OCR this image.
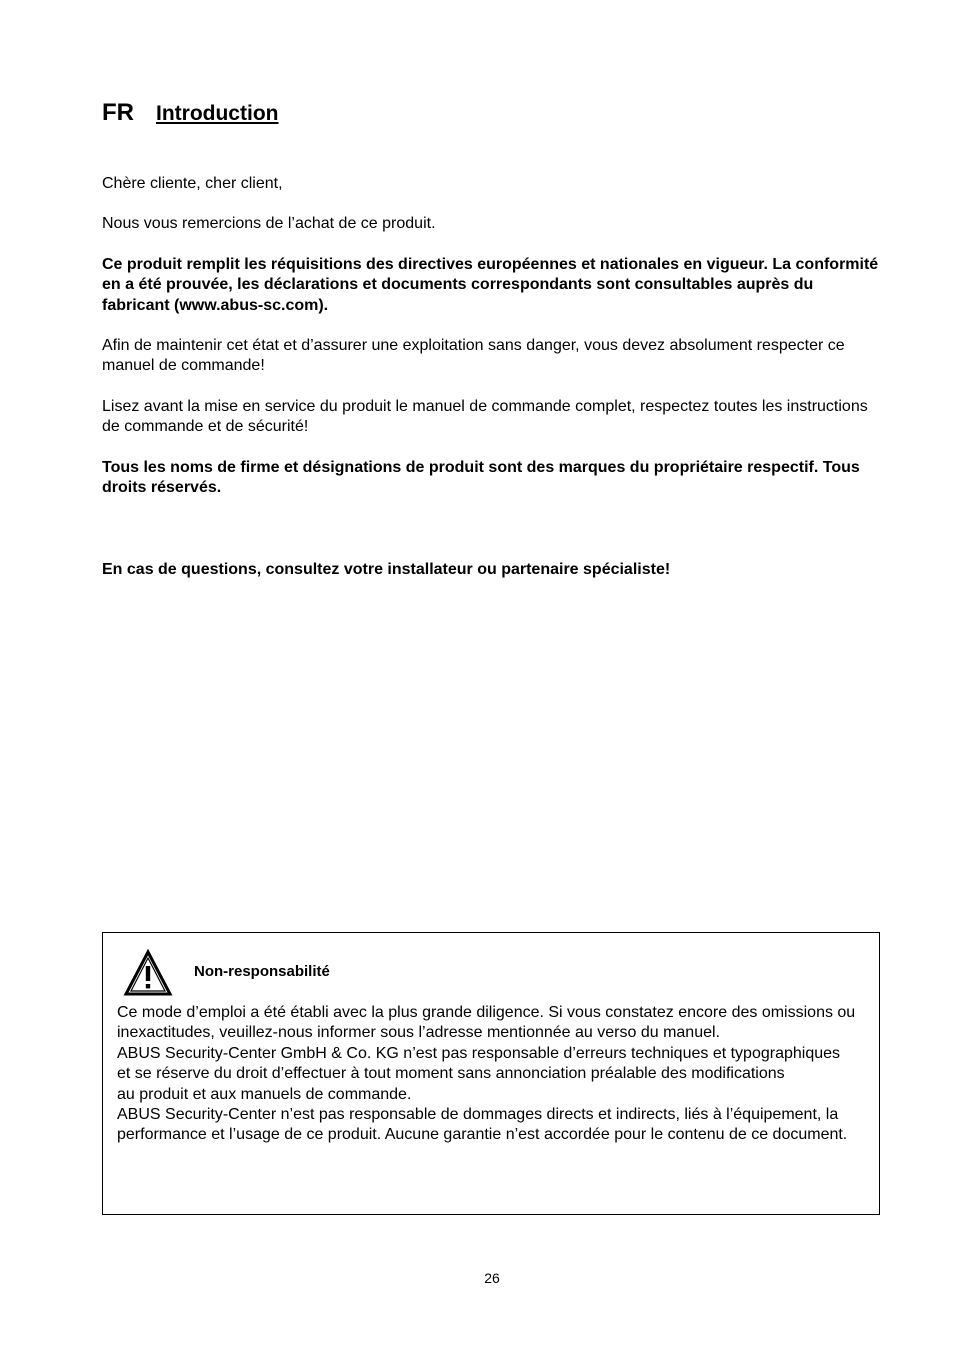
FR Introduction

Chère cliente, cher client,

Nous vous remercions de l’achat de ce produit.

Ce produit remplit les réquisitions des directives européennes et nationales en vigueur. La conformité en a été prouvée, les déclarations et documents correspondants sont consultables auprès du fabricant (www.abus-sc.com).

Afin de maintenir cet état et d’assurer une exploitation sans danger, vous devez absolument respecter ce manuel de commande!

Lisez avant la mise en service du produit le manuel de commande complet, respectez toutes les instructions de commande et de sécurité!

Tous les noms de firme et désignations de produit sont des marques du propriétaire respectif. Tous droits réservés.

En cas de questions, consultez votre installateur ou partenaire spécialiste!

Non-responsabilité
Ce mode d’emploi a été établi avec la plus grande diligence. Si vous constatez encore des omissions ou inexactitudes, veuillez-nous informer sous l’adresse mentionnée au verso du manuel.
ABUS Security-Center GmbH & Co. KG n’est pas responsable d’erreurs techniques et typographiques et se réserve du droit d’effectuer à tout moment sans annonciation préalable des modifications
au produit et aux manuels de commande.
ABUS Security-Center n’est pas responsable de dommages directs et indirects, liés à l’équipement, la performance et l’usage de ce produit. Aucune garantie n’est accordée pour le contenu de ce document.
26
